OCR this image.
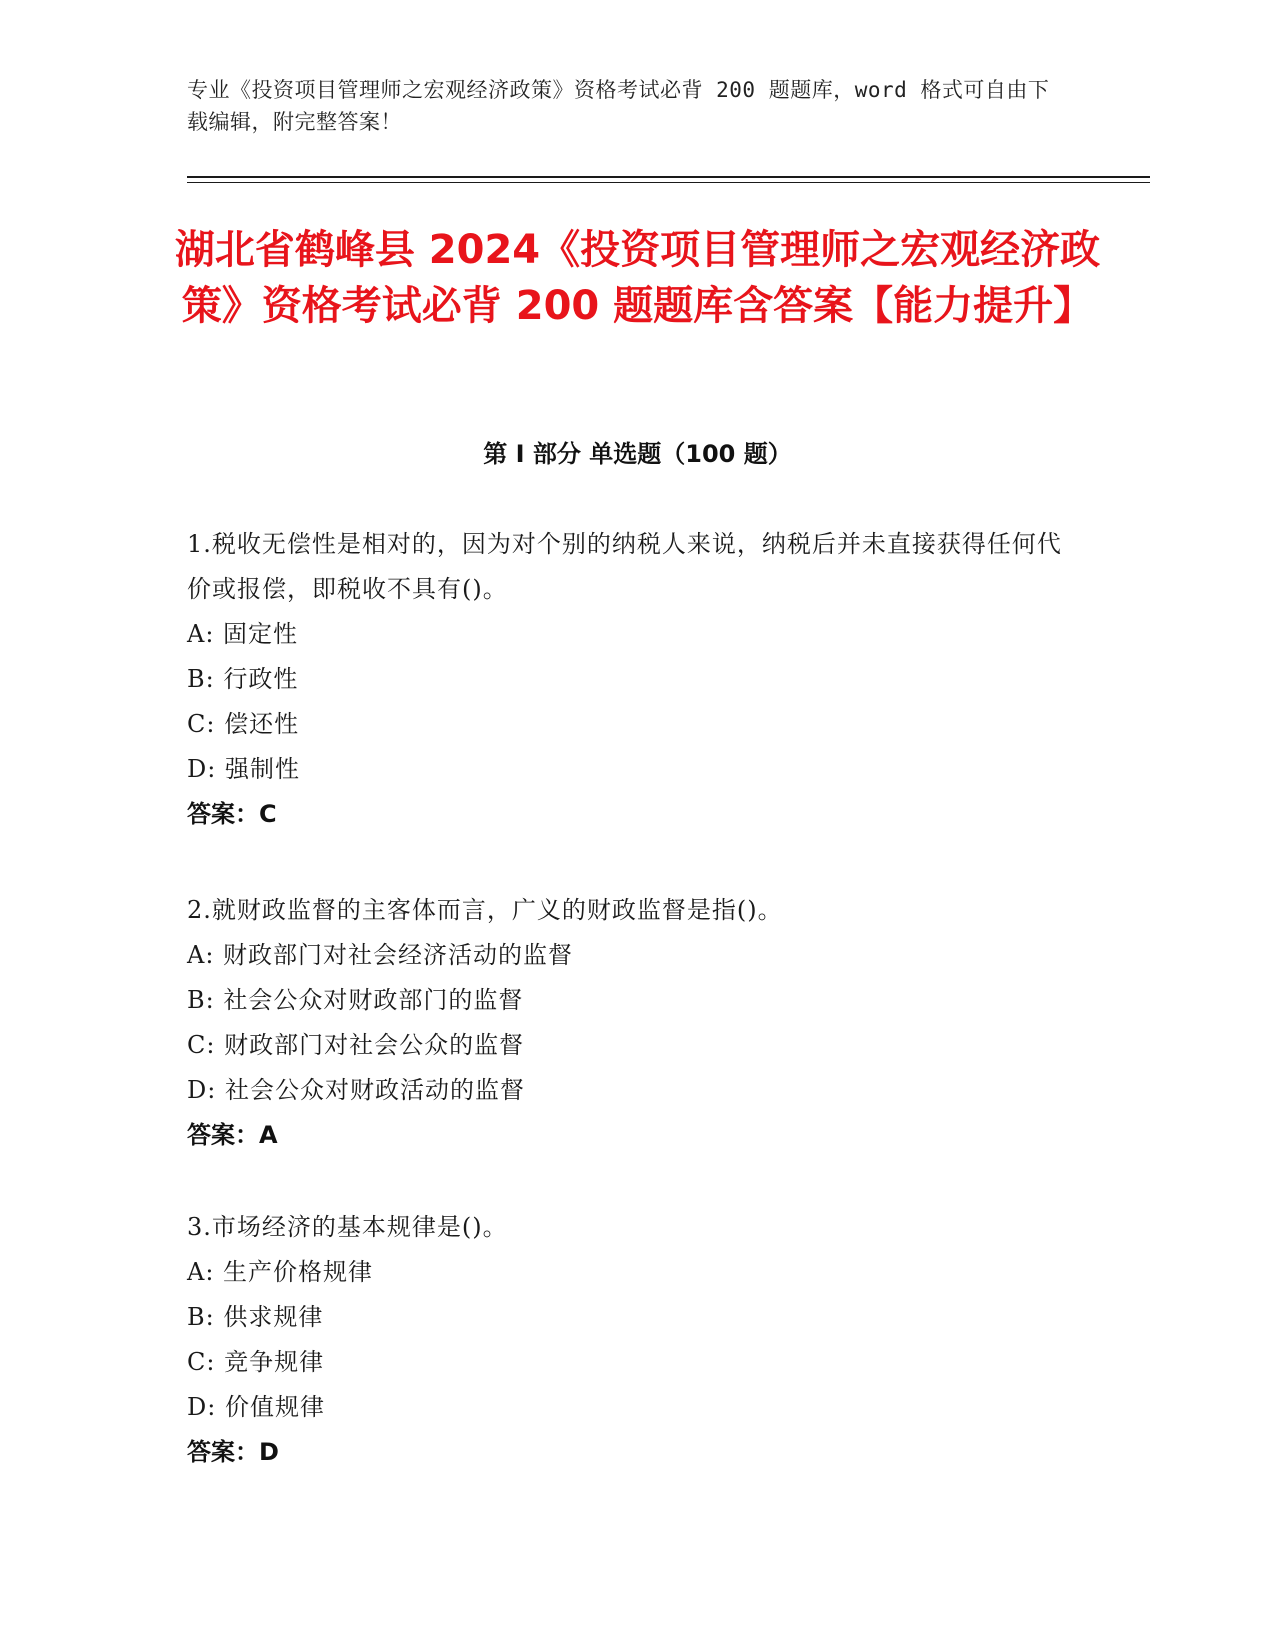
专业《投资项目管理师之宏观经济政策》资格考试必背 200 题题库，word 格式可自由下载编辑，附完整答案！
湖北省鹤峰县 2024《投资项目管理师之宏观经济政策》资格考试必背 200 题题库含答案【能力提升】
第 I 部分 单选题（100 题）
1.税收无偿性是相对的，因为对个别的纳税人来说，纳税后并未直接获得任何代价或报偿，即税收不具有()。
A: 固定性
B: 行政性
C: 偿还性
D: 强制性
答案：C
2.就财政监督的主客体而言，广义的财政监督是指()。
A: 财政部门对社会经济活动的监督
B: 社会公众对财政部门的监督
C: 财政部门对社会公众的监督
D: 社会公众对财政活动的监督
答案：A
3.市场经济的基本规律是()。
A: 生产价格规律
B: 供求规律
C: 竞争规律
D: 价值规律
答案：D
